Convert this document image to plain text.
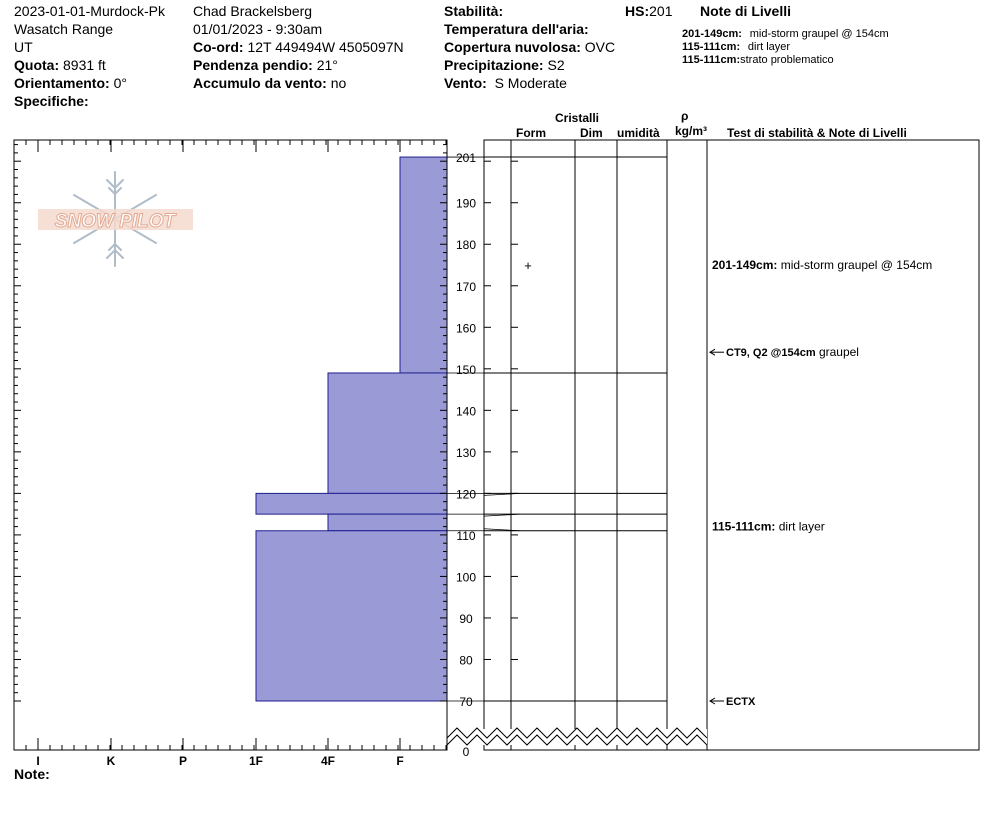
2023-01-01-Murdock-Pk
Wasatch Range
UT
Quota: 8931 ft
Orientamento: 0°
Specifiche:
Chad Brackelsberg
01/01/2023 - 9:30am
Co-ord: 12T 449494W 4505097N
Pendenza pendio: 21°
Accumulo da vento: no
Stabilità:	HS:201
Temperatura dell'aria:
Copertura nuvolosa: OVC
Precipitazione: S2
Vento: S Moderate
Note di Livelli
201-149cm: mid-storm graupel @ 154cm
115-111cm: dirt layer
115-111cm:strato problematico
Cristalli
Form	Dim umidità
ρ
kg/m³ Test di stabilità & Note di Livelli
Note:
SNOW PILOT
201
190
180
170
160
150
140
130
120
110
100
90
80
70
0
I	K	P	1F	4F	F
+	201-149cm: mid-storm graupel @ 154cm
115-111cm: dirt layer
CT9, Q2 @154cm graupel
ECTX
